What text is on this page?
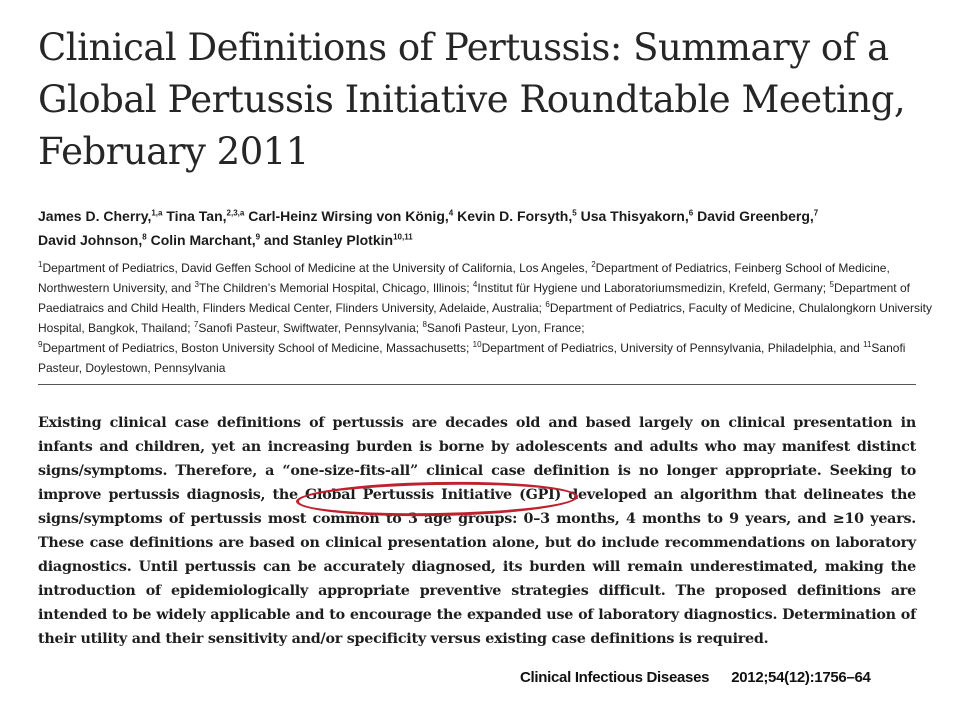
Clinical Definitions of Pertussis: Summary of a Global Pertussis Initiative Roundtable Meeting, February 2011
James D. Cherry,$^{1,a}$ Tina Tan,$^{2,3,a}$ Carl-Heinz Wirsing von König,$^4$ Kevin D. Forsyth,$^5$ Usa Thisyakorn,$^6$ David Greenberg,$^7$
David Johnson,$^8$ Colin Marchant,$^9$ and Stanley Plotkin$^{10,11}$
$^1$Department of Pediatrics, David Geffen School of Medicine at the University of California, Los Angeles, $^2$Department of Pediatrics, Feinberg School of Medicine, Northwestern University, and $^3$The Children’s Memorial Hospital, Chicago, Illinois; $^4$Institut für Hygiene und Laboratoriumsmedizin, Krefeld, Germany; $^5$Department of Paediatraics and Child Health, Flinders Medical Center, Flinders University, Adelaide, Australia; $^6$Department of Pediatrics, Faculty of Medicine, Chulalongkorn University Hospital, Bangkok, Thailand; $^7$Sanofi Pasteur, Swiftwater, Pennsylvania; $^8$Sanofi Pasteur, Lyon, France;
$^9$Department of Pediatrics, Boston University School of Medicine, Massachusetts; $^{10}$Department of Pediatrics, University of Pennsylvania, Philadelphia, and $^{11}$Sanofi Pasteur, Doylestown, Pennsylvania
Existing clinical case definitions of pertussis are decades old and based largely on clinical presentation in infants and children, yet an increasing burden is borne by adolescents and adults who may manifest distinct signs/symptoms. Therefore, a “one-size-fits-all” clinical case definition is no longer appropriate. Seeking to improve pertussis diagnosis, the Global Pertussis Initiative (GPI) developed an algorithm that delineates the signs/symptoms of pertussis most common to 3 age groups: 0–3 months, 4 months to 9 years, and ≥10 years. These case definitions are based on clinical presentation alone, but do include recommendations on laboratory diagnostics. Until pertussis can be accurately diagnosed, its burden will remain underestimated, making the introduction of epidemiologically appropriate preventive strategies difficult. The proposed definitions are intended to be widely applicable and to encourage the expanded use of laboratory diagnostics. Determination of their utility and their sensitivity and/or specificity versus existing case definitions is required.
Clinical Infectious Diseases 2012;54(12):1756–64
